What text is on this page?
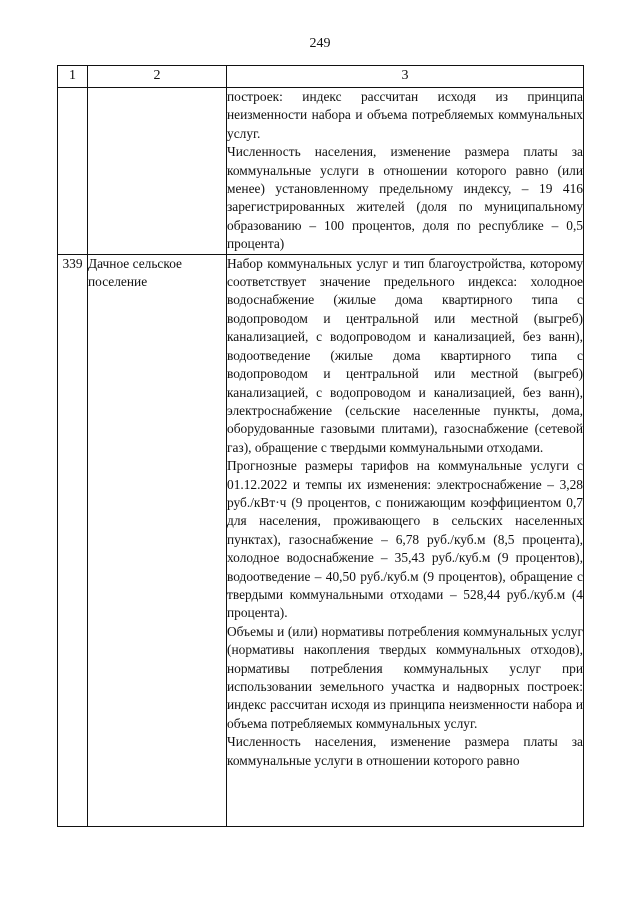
249
1	2	3

		построек: индекс рассчитан исходя из принципа неизменности набора и объема потребляемых коммунальных услуг.

Численность населения, изменение размера платы за коммунальные услуги в отношении которого равно (или менее) установленному предельному индексу, – 19 416 зарегистрированных жителей (доля по муниципальному образованию – 100 процентов, доля по республике – 0,5 процента)

339	Дачное сельское поселение	Набор коммунальных услуг и тип благоустройства, которому соответствует значение предельного индекса: холодное водоснабжение (жилые дома квартирного типа с водопроводом и центральной или местной (выгреб) канализацией, с водопроводом и канализацией, без ванн), водоотведение (жилые дома квартирного типа с водопроводом и центральной или местной (выгреб) канализацией, с водопроводом и канализацией, без ванн), электроснабжение (сельские населенные пункты, дома, оборудованные газовыми плитами), газоснабжение (сетевой газ), обращение с твердыми коммунальными отходами.

Прогнозные размеры тарифов на коммунальные услуги с 01.12.2022 и темпы их изменения: электроснабжение – 3,28 руб./кВт·ч (9 процентов, с понижающим коэффициентом 0,7 для населения, проживающего в сельских населенных пунктах), газоснабжение – 6,78 руб./куб.м (8,5 процента), холодное водоснабжение – 35,43 руб./куб.м (9 процентов), водоотведение – 40,50 руб./куб.м (9 процентов), обращение с твердыми коммунальными отходами – 528,44 руб./куб.м (4 процента).

Объемы и (или) нормативы потребления коммунальных услуг (нормативы накопления твердых коммунальных отходов), нормативы потребления коммунальных услуг при использовании земельного участка и надворных построек: индекс рассчитан исходя из принципа неизменности набора и объема потребляемых коммунальных услуг.

Численность населения, изменение размера платы за коммунальные услуги в отношении которого равно
